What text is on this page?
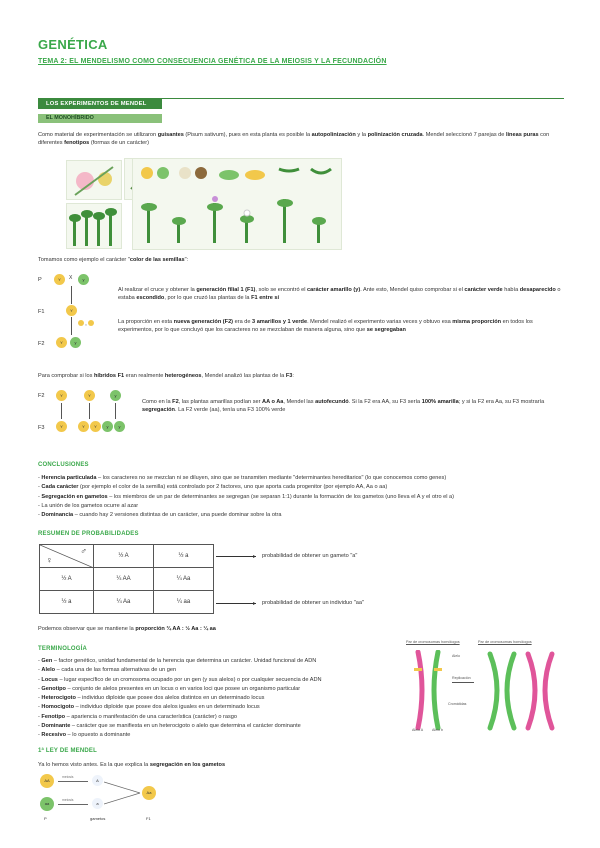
GENÉTICA
TEMA 2: EL MENDELISMO COMO CONSECUENCIA GENÉTICA DE LA MEIOSIS Y LA FECUNDACIÓN
LOS EXPERIMENTOS DE MENDEL
EL MONOHÍBRIDO
Como material de experimentación se utilizaron guisantes (Pisum sativum), pues en esta planta es posible la autopolinización y la polinización cruzada. Mendel seleccionó 7 parejas de líneas puras con diferentes fenotipos (formas de un carácter)
Tomamos como ejemplo el carácter "color de las semillas":
P
F1
F2
Y	X	y
Y
×
Y	y
Al realizar el cruce y obtener la generación filial 1 (F1), solo se encontró el carácter amarillo (y). Ante esto, Mendel quiso comprobar si el carácter verde había desaparecido o estaba escondido, por lo que cruzó las plantas de la F1 entre sí
La proporción en esta nueva generación (F2) era de 3 amarillos y 1 verde. Mendel realizó el experimento varias veces y obtuvo esa misma proporción en todos los experimentos, por lo que concluyó que los caracteres no se mezclaban de manera alguna, sino que se segregaban
Para comprobar si los híbridos F1 eran realmente heterogéneos, Mendel analizó las plantas de la F3:
F2
F3
Y	Y	y
Y	Y	Y	y	y
Como en la F2, las plantas amarillas podían ser AA o Aa, Mendel las autofecundó. Si la F2 era AA, su F3 sería 100% amarilla; y si la F2 era Aa, su F3 mostraría segregación. La F2 verde (aa), tenía una F3 100% verde
CONCLUSIONES
- Herencia particulada – los caracteres no se mezclan ni se diluyen, sino que se transmiten mediante "determinantes hereditarios" (lo que conocemos como genes)
- Cada carácter (por ejemplo el color de la semilla) está controlado por 2 factores, uno que aporta cada progenitor (por ejemplo AA, Aa o aa)
- Segregación en gametos – los miembros de un par de determinantes se segregan (se separan 1:1) durante la formación de los gametos (uno lleva el A y el otro el a)
- La unión de los gametos ocurre al azar
- Dominancia – cuando hay 2 versiones distintas de un carácter, una puede dominar sobre la otra
RESUMEN DE PROBABILIDADES
♀
♂	½ A	½ a
½ A	¼ AA	¼ Aa
½ a	¼ Aa	¼ aa
▸ probabilidad de obtener un gameto "a"
▸ probabilidad de obtener un individuo "aa"
Podemos observar que se mantiene la proporción ¾ AA : ½ Aa : ¼ aa
TERMINOLOGÍA
- Gen – factor genético, unidad fundamental de la herencia que determina un carácter. Unidad funcional de ADN
- Alelo – cada una de las formas alternativas de un gen
- Locus – lugar específico de un cromosoma ocupado por un gen (y sus alelos) o por cualquier secuencia de ADN
- Genotipo – conjunto de alelos presentes en un locus o en varios loci que posee un organismo particular
- Heterocigoto – individuo diploide que posee dos alelos distintos en un determinado locus
- Homocigoto – individuo diploide que posee dos alelos iguales en un determinado locus
- Fenotipo – apariencia o manifestación de una característica (carácter) o rasgo
- Dominante – carácter que se manifiesta en un heterocigoto o alelo que determina el carácter dominante
- Recesivo – lo opuesto a dominante
Par de cromosomas homólogos	Par de cromosomas homólogos
Alelo
Replicación
Cromátidas
Alelo A Alelo b
1ª LEY DE MENDEL
Ya lo hemos visto antes. Es la que explica la segregación en los gametos
AA
aa
meiosis
meiosis
A
a
Aa
P	gametos	F1
